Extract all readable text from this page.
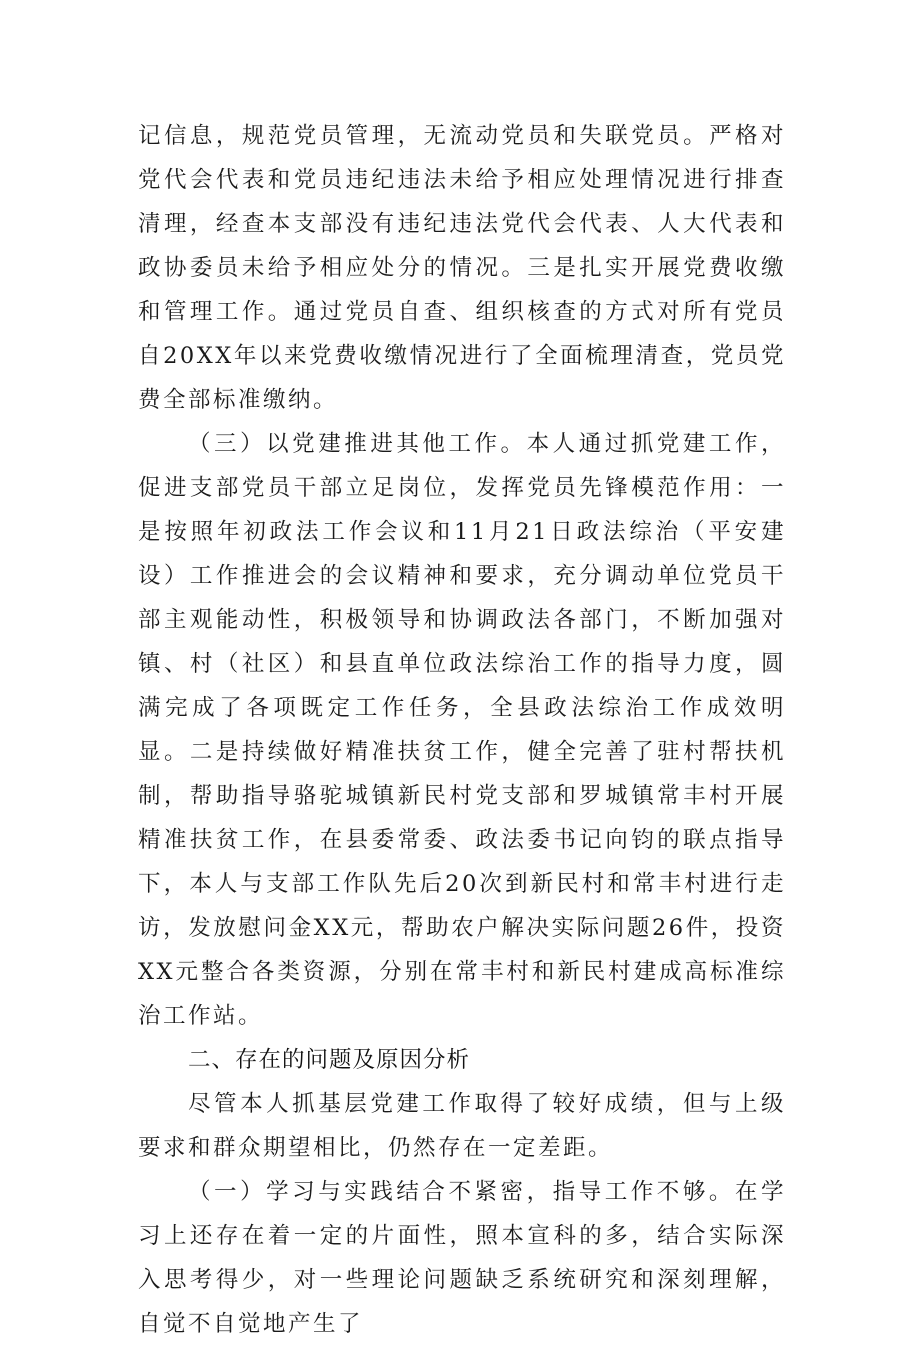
记信息，规范党员管理，无流动党员和失联党员。严格对党代会代表和党员违纪违法未给予相应处理情况进行排查清理，经查本支部没有违纪违法党代会代表、人大代表和政协委员未给予相应处分的情况。三是扎实开展党费收缴和管理工作。通过党员自查、组织核查的方式对所有党员自20XX年以来党费收缴情况进行了全面梳理清查，党员党费全部标准缴纳。

（三）以党建推进其他工作。本人通过抓党建工作，促进支部党员干部立足岗位，发挥党员先锋模范作用：一是按照年初政法工作会议和11月21日政法综治（平安建设）工作推进会的会议精神和要求，充分调动单位党员干部主观能动性，积极领导和协调政法各部门，不断加强对镇、村（社区）和县直单位政法综治工作的指导力度，圆满完成了各项既定工作任务，全县政法综治工作成效明显。二是持续做好精准扶贫工作，健全完善了驻村帮扶机制，帮助指导骆驼城镇新民村党支部和罗城镇常丰村开展精准扶贫工作，在县委常委、政法委书记向钧的联点指导下，本人与支部工作队先后20次到新民村和常丰村进行走访，发放慰问金XX元，帮助农户解决实际问题26件，投资XX元整合各类资源，分别在常丰村和新民村建成高标准综治工作站。

二、存在的问题及原因分析

尽管本人抓基层党建工作取得了较好成绩，但与上级要求和群众期望相比，仍然存在一定差距。

（一）学习与实践结合不紧密，指导工作不够。在学习上还存在着一定的片面性，照本宣科的多，结合实际深入思考得少，对一些理论问题缺乏系统研究和深刻理解，自觉不自觉地产生了
